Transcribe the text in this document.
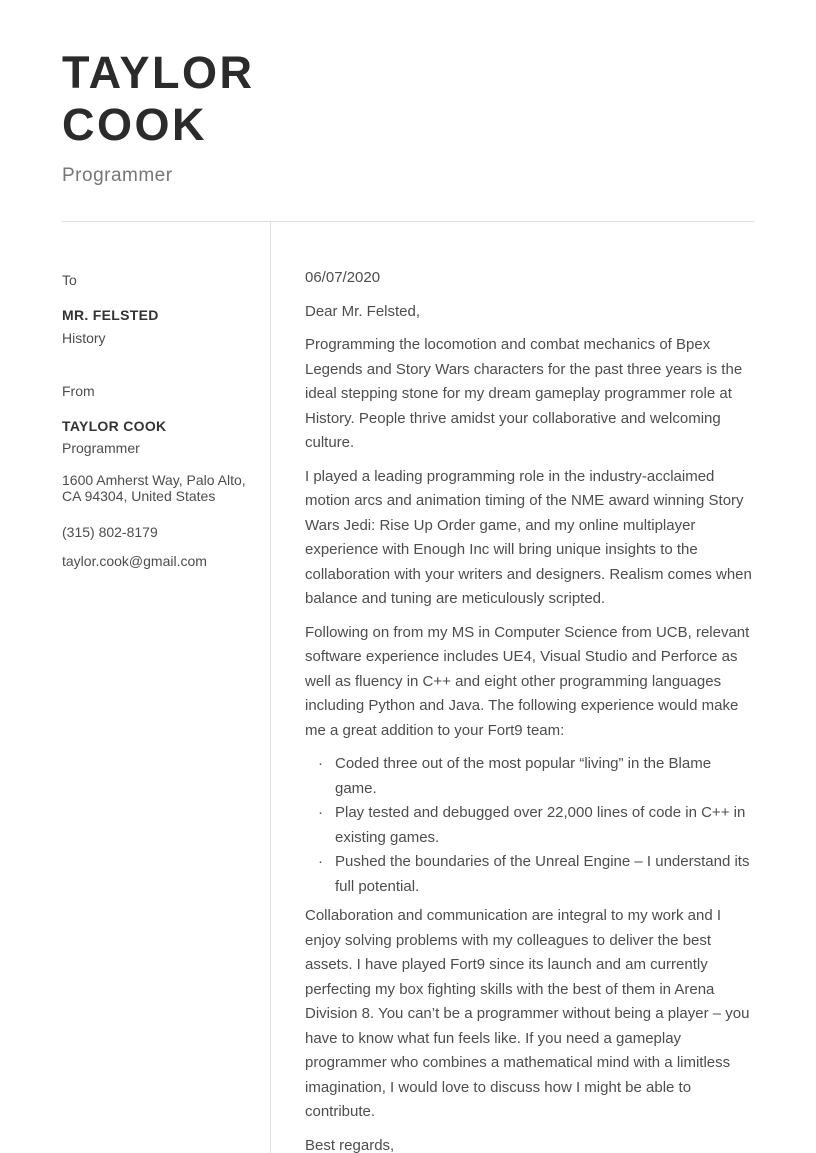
TAYLOR
COOK
Programmer
To
MR. FELSTED
History
From
TAYLOR COOK
Programmer
1600 Amherst Way, Palo Alto,
CA 94304, United States
(315) 802-8179
taylor.cook@gmail.com

06/07/2020

Dear Mr. Felsted,

Programming the locomotion and combat mechanics of Bpex Legends and Story Wars characters for the past three years is the ideal stepping stone for my dream gameplay programmer role at History. People thrive amidst your collaborative and welcoming culture.

I played a leading programming role in the industry-acclaimed motion arcs and animation timing of the NME award winning Story Wars Jedi: Rise Up Order game, and my online multiplayer experience with Enough Inc will bring unique insights to the collaboration with your writers and designers. Realism comes when balance and tuning are meticulously scripted.

Following on from my MS in Computer Science from UCB, relevant software experience includes UE4, Visual Studio and Perforce as well as fluency in C++ and eight other programming languages including Python and Java. The following experience would make me a great addition to your Fort9 team:

· Coded three out of the most popular “living” in the Blame game.
· Play tested and debugged over 22,000 lines of code in C++ in existing games.
· Pushed the boundaries of the Unreal Engine – I understand its full potential.

Collaboration and communication are integral to my work and I enjoy solving problems with my colleagues to deliver the best assets. I have played Fort9 since its launch and am currently perfecting my box fighting skills with the best of them in Arena Division 8. You can’t be a programmer without being a player – you have to know what fun feels like. If you need a gameplay programmer who combines a mathematical mind with a limitless imagination, I would love to discuss how I might be able to contribute.

Best regards,
